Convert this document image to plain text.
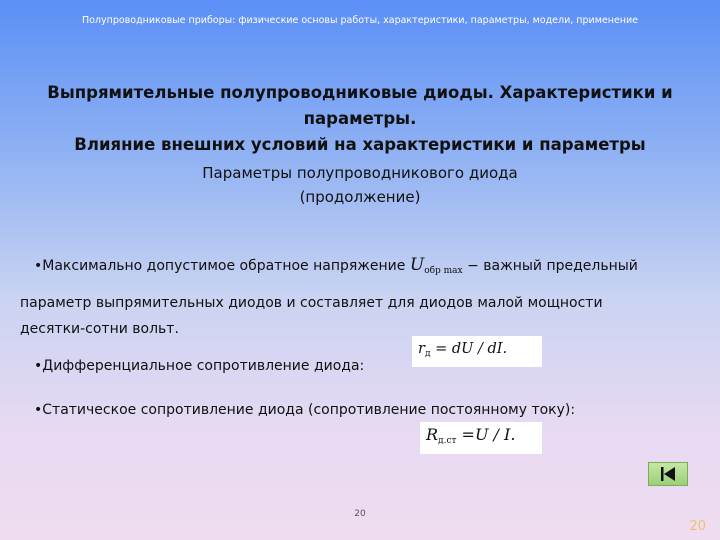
Полупроводниковые приборы: физические основы работы, характеристики, параметры, модели, применение
Выпрямительные полупроводниковые диоды. Характеристики и параметры.
Влияние внешних условий на характеристики и параметры
Параметры полупроводникового диода
(продолжение)
•Максимально допустимое обратное напряжение $U_{обр max}$ − важный предельный
параметр выпрямительных диодов и составляет для диодов малой мощности
десятки-сотни вольт.
•Дифференциальное сопротивление диода:
$r_д$ = dU / dI.
•Статическое сопротивление диода (сопротивление постоянному току):
$R_{д.ст} =U / I$.
20
20
